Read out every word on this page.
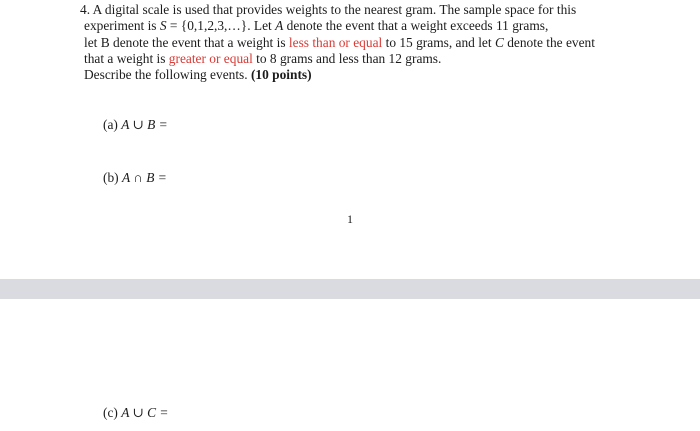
4. A digital scale is used that provides weights to the nearest gram. The sample space for this
experiment is S = {0,1,2,3,…}. Let A denote the event that a weight exceeds 11 grams,
let B denote the event that a weight is less than or equal to 15 grams, and let C denote the event
that a weight is greater or equal to 8 grams and less than 12 grams.
Describe the following events. (10 points)
(a) A ∪ B =
(b) A ∩ B =
1
(c) A ∪ C =
